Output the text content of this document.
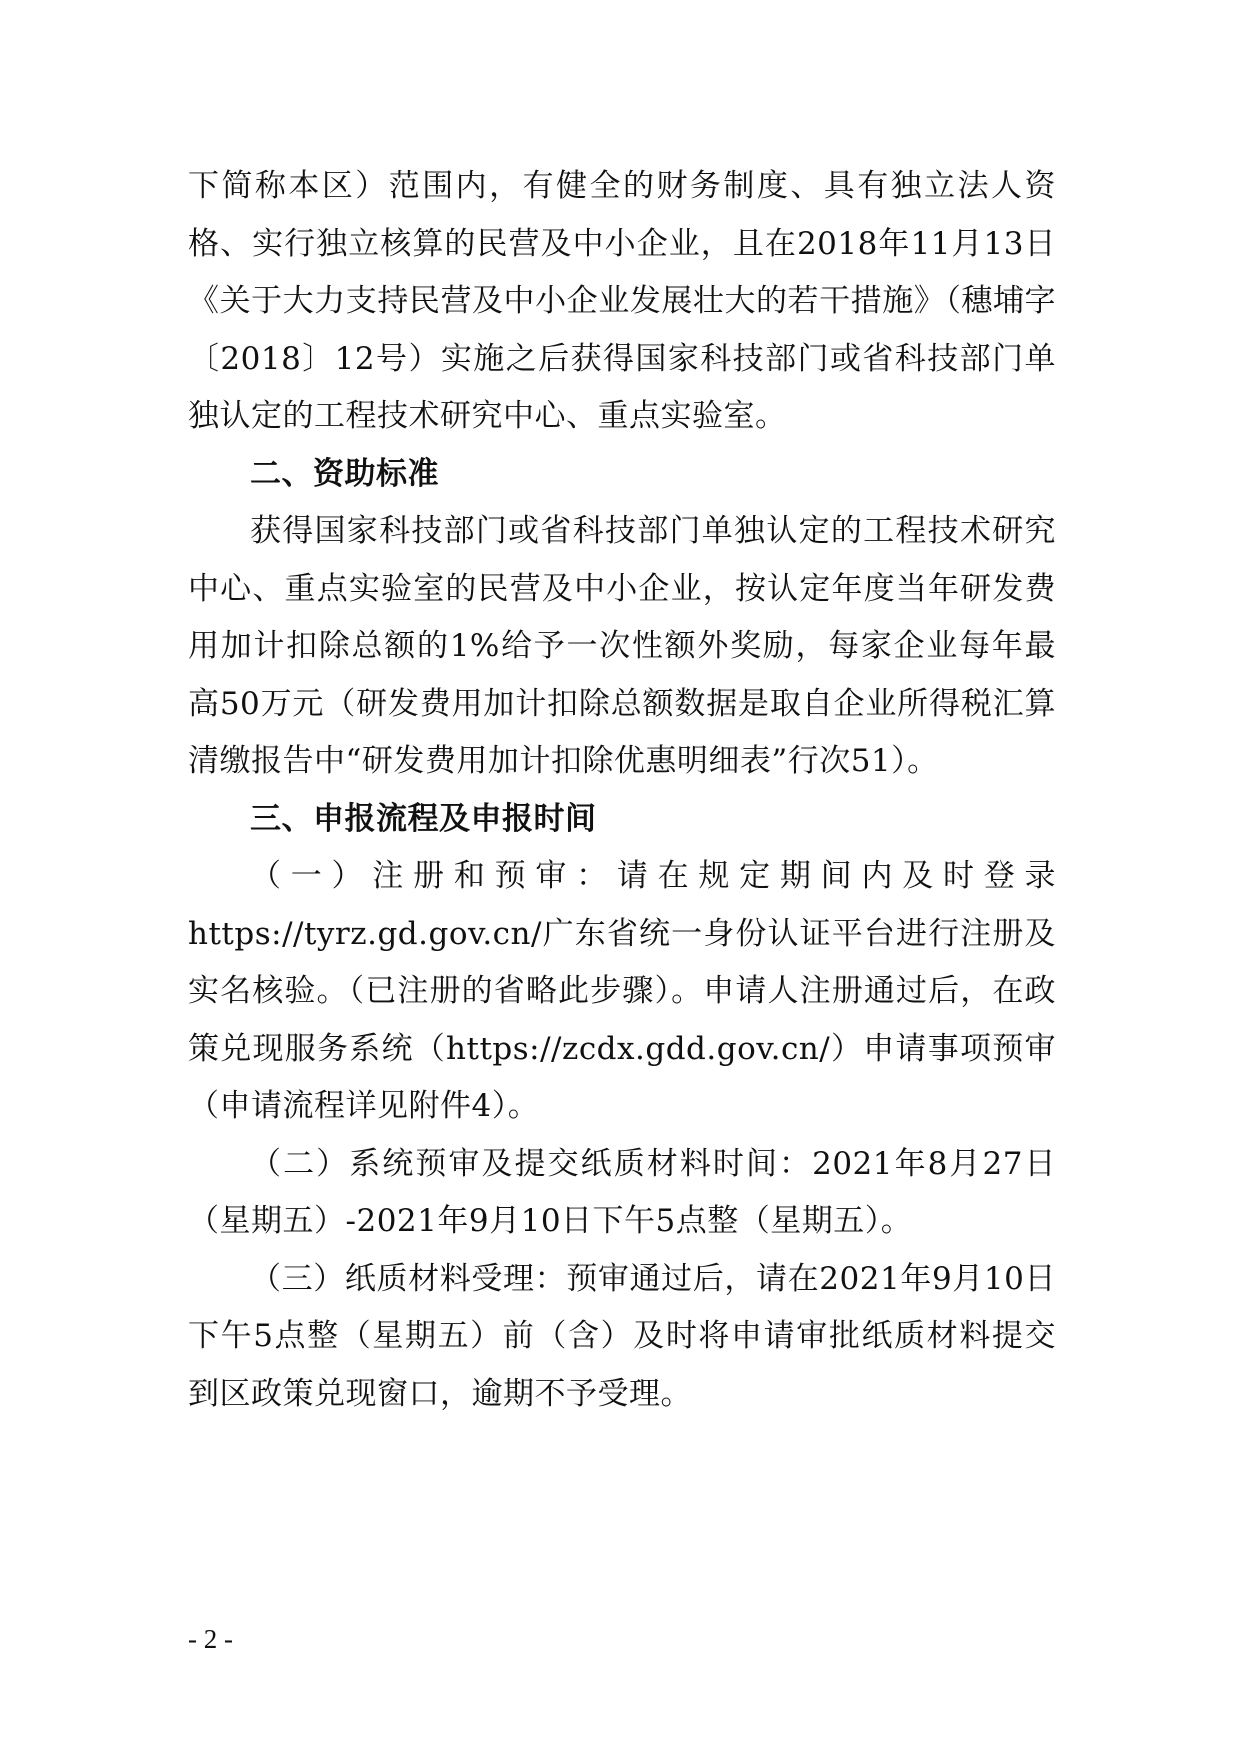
下简称本区）范围内，有健全的财务制度、具有独立法人资格、实行独立核算的民营及中小企业，且在2018年11月13日《关于大力支持民营及中小企业发展壮大的若干措施》（穗埔字〔2018〕12号）实施之后获得国家科技部门或省科技部门单独认定的工程技术研究中心、重点实验室。

二、资助标准

获得国家科技部门或省科技部门单独认定的工程技术研究中心、重点实验室的民营及中小企业，按认定年度当年研发费用加计扣除总额的1%给予一次性额外奖励，每家企业每年最高50万元（研发费用加计扣除总额数据是取自企业所得税汇算清缴报告中“研发费用加计扣除优惠明细表”行次51）。

三、申报流程及申报时间

（一）注册和预审：请在规定期间内及时登录https://tyrz.gd.gov.cn/广东省统一身份认证平台进行注册及实名核验。（已注册的省略此步骤）。申请人注册通过后，在政策兑现服务系统（https://zcdx.gdd.gov.cn/）申请事项预审（申请流程详见附件4）。

（二）系统预审及提交纸质材料时间：2021年8月27日（星期五）-2021年9月10日下午5点整（星期五）。

（三）纸质材料受理：预审通过后，请在2021年9月10日下午5点整（星期五）前（含）及时将申请审批纸质材料提交到区政策兑现窗口，逾期不予受理。

- 2 -
